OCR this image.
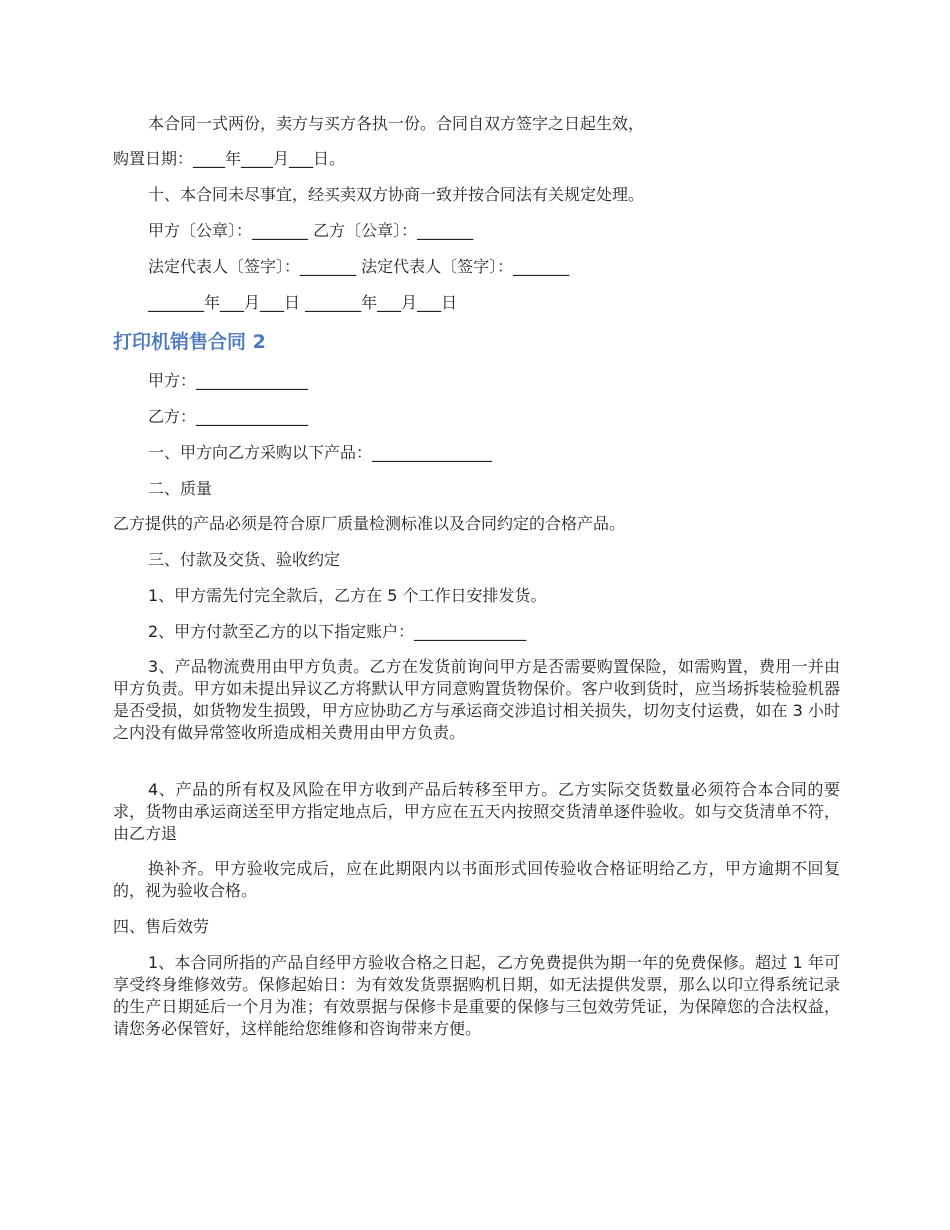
本合同一式两份，卖方与买方各执一份。合同自双方签字之日起生效，
购置日期：____年____月___日。
十、本合同未尽事宜，经买卖双方协商一致并按合同法有关规定处理。
甲方〔公章〕：_______ 乙方〔公章〕：_______
法定代表人〔签字〕：_______ 法定代表人〔签字〕：_______
_______年___月___日 _______年___月___日
打印机销售合同 2
甲方：______________
乙方：______________
一、甲方向乙方采购以下产品：_______________
二、质量
乙方提供的产品必须是符合原厂质量检测标准以及合同约定的合格产品。
三、付款及交货、验收约定
1、甲方需先付完全款后，乙方在 5 个工作日安排发货。
2、甲方付款至乙方的以下指定账户：______________

3、产品物流费用由甲方负责。乙方在发货前询问甲方是否需要购置保险，如需购置，费用一并由甲方负责。甲方如未提出异议乙方将默认甲方同意购置货物保价。客户收到货时，应当场拆装检验机器是否受损，如货物发生损毁，甲方应协助乙方与承运商交涉追讨相关损失，切勿支付运费，如在 3 小时之内没有做异常签收所造成相关费用由甲方负责。

4、产品的所有权及风险在甲方收到产品后转移至甲方。乙方实际交货数量必须符合本合同的要求，货物由承运商送至甲方指定地点后，甲方应在五天内按照交货清单逐件验收。如与交货清单不符，由乙方退

换补齐。甲方验收完成后，应在此期限内以书面形式回传验收合格证明给乙方，甲方逾期不回复的，视为验收合格。

四、售后效劳

1、本合同所指的产品自经甲方验收合格之日起，乙方免费提供为期一年的免费保修。超过 1 年可享受终身维修效劳。保修起始日：为有效发货票据购机日期，如无法提供发票，那么以印立得系统记录的生产日期延后一个月为准；有效票据与保修卡是重要的保修与三包效劳凭证，为保障您的合法权益，请您务必保管好，这样能给您维修和咨询带来方便。
